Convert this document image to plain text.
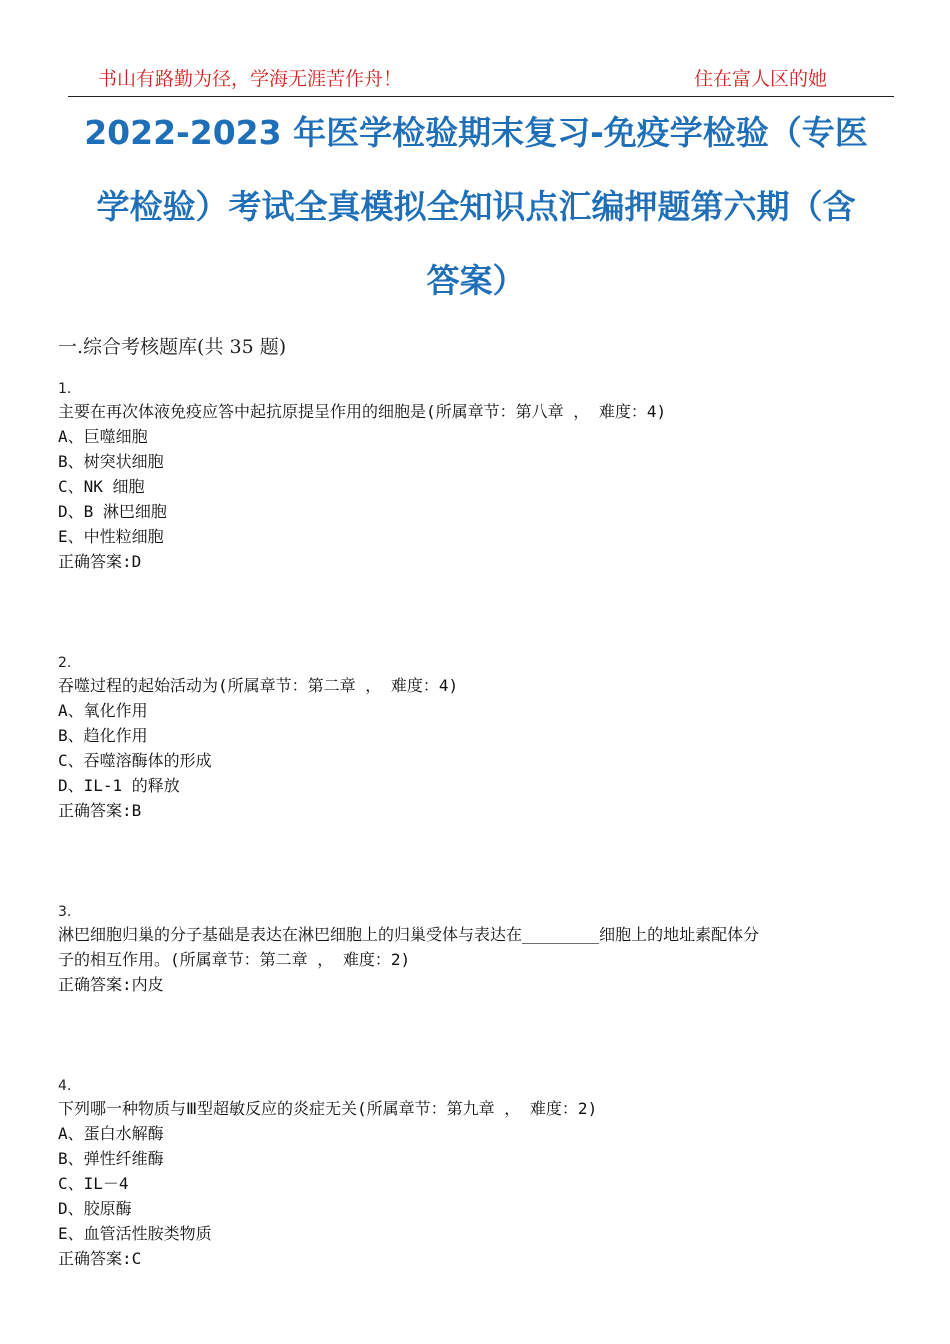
书山有路勤为径，学海无涯苦作舟！	住在富人区的她
2022-2023 年医学检验期末复习-免疫学检验（专医
学检验）考试全真模拟全知识点汇编押题第六期（含
答案）
一.综合考核题库(共 35 题)
1.
主要在再次体液免疫应答中起抗原提呈作用的细胞是(所属章节：第八章 ， 难度：4)
A、巨噬细胞
B、树突状细胞
C、NK 细胞
D、B 淋巴细胞
E、中性粒细胞
正确答案:D
2.
吞噬过程的起始活动为(所属章节：第二章 ， 难度：4)
A、氧化作用
B、趋化作用
C、吞噬溶酶体的形成
D、IL-1 的释放
正确答案:B
3.
淋巴细胞归巢的分子基础是表达在淋巴细胞上的归巢受体与表达在________细胞上的地址素配体分
子的相互作用。(所属章节：第二章 ， 难度：2)
正确答案:内皮
4.
下列哪一种物质与Ⅲ型超敏反应的炎症无关(所属章节：第九章 ， 难度：2)
A、蛋白水解酶
B、弹性纤维酶
C、IL－4
D、胶原酶
E、血管活性胺类物质
正确答案:C
